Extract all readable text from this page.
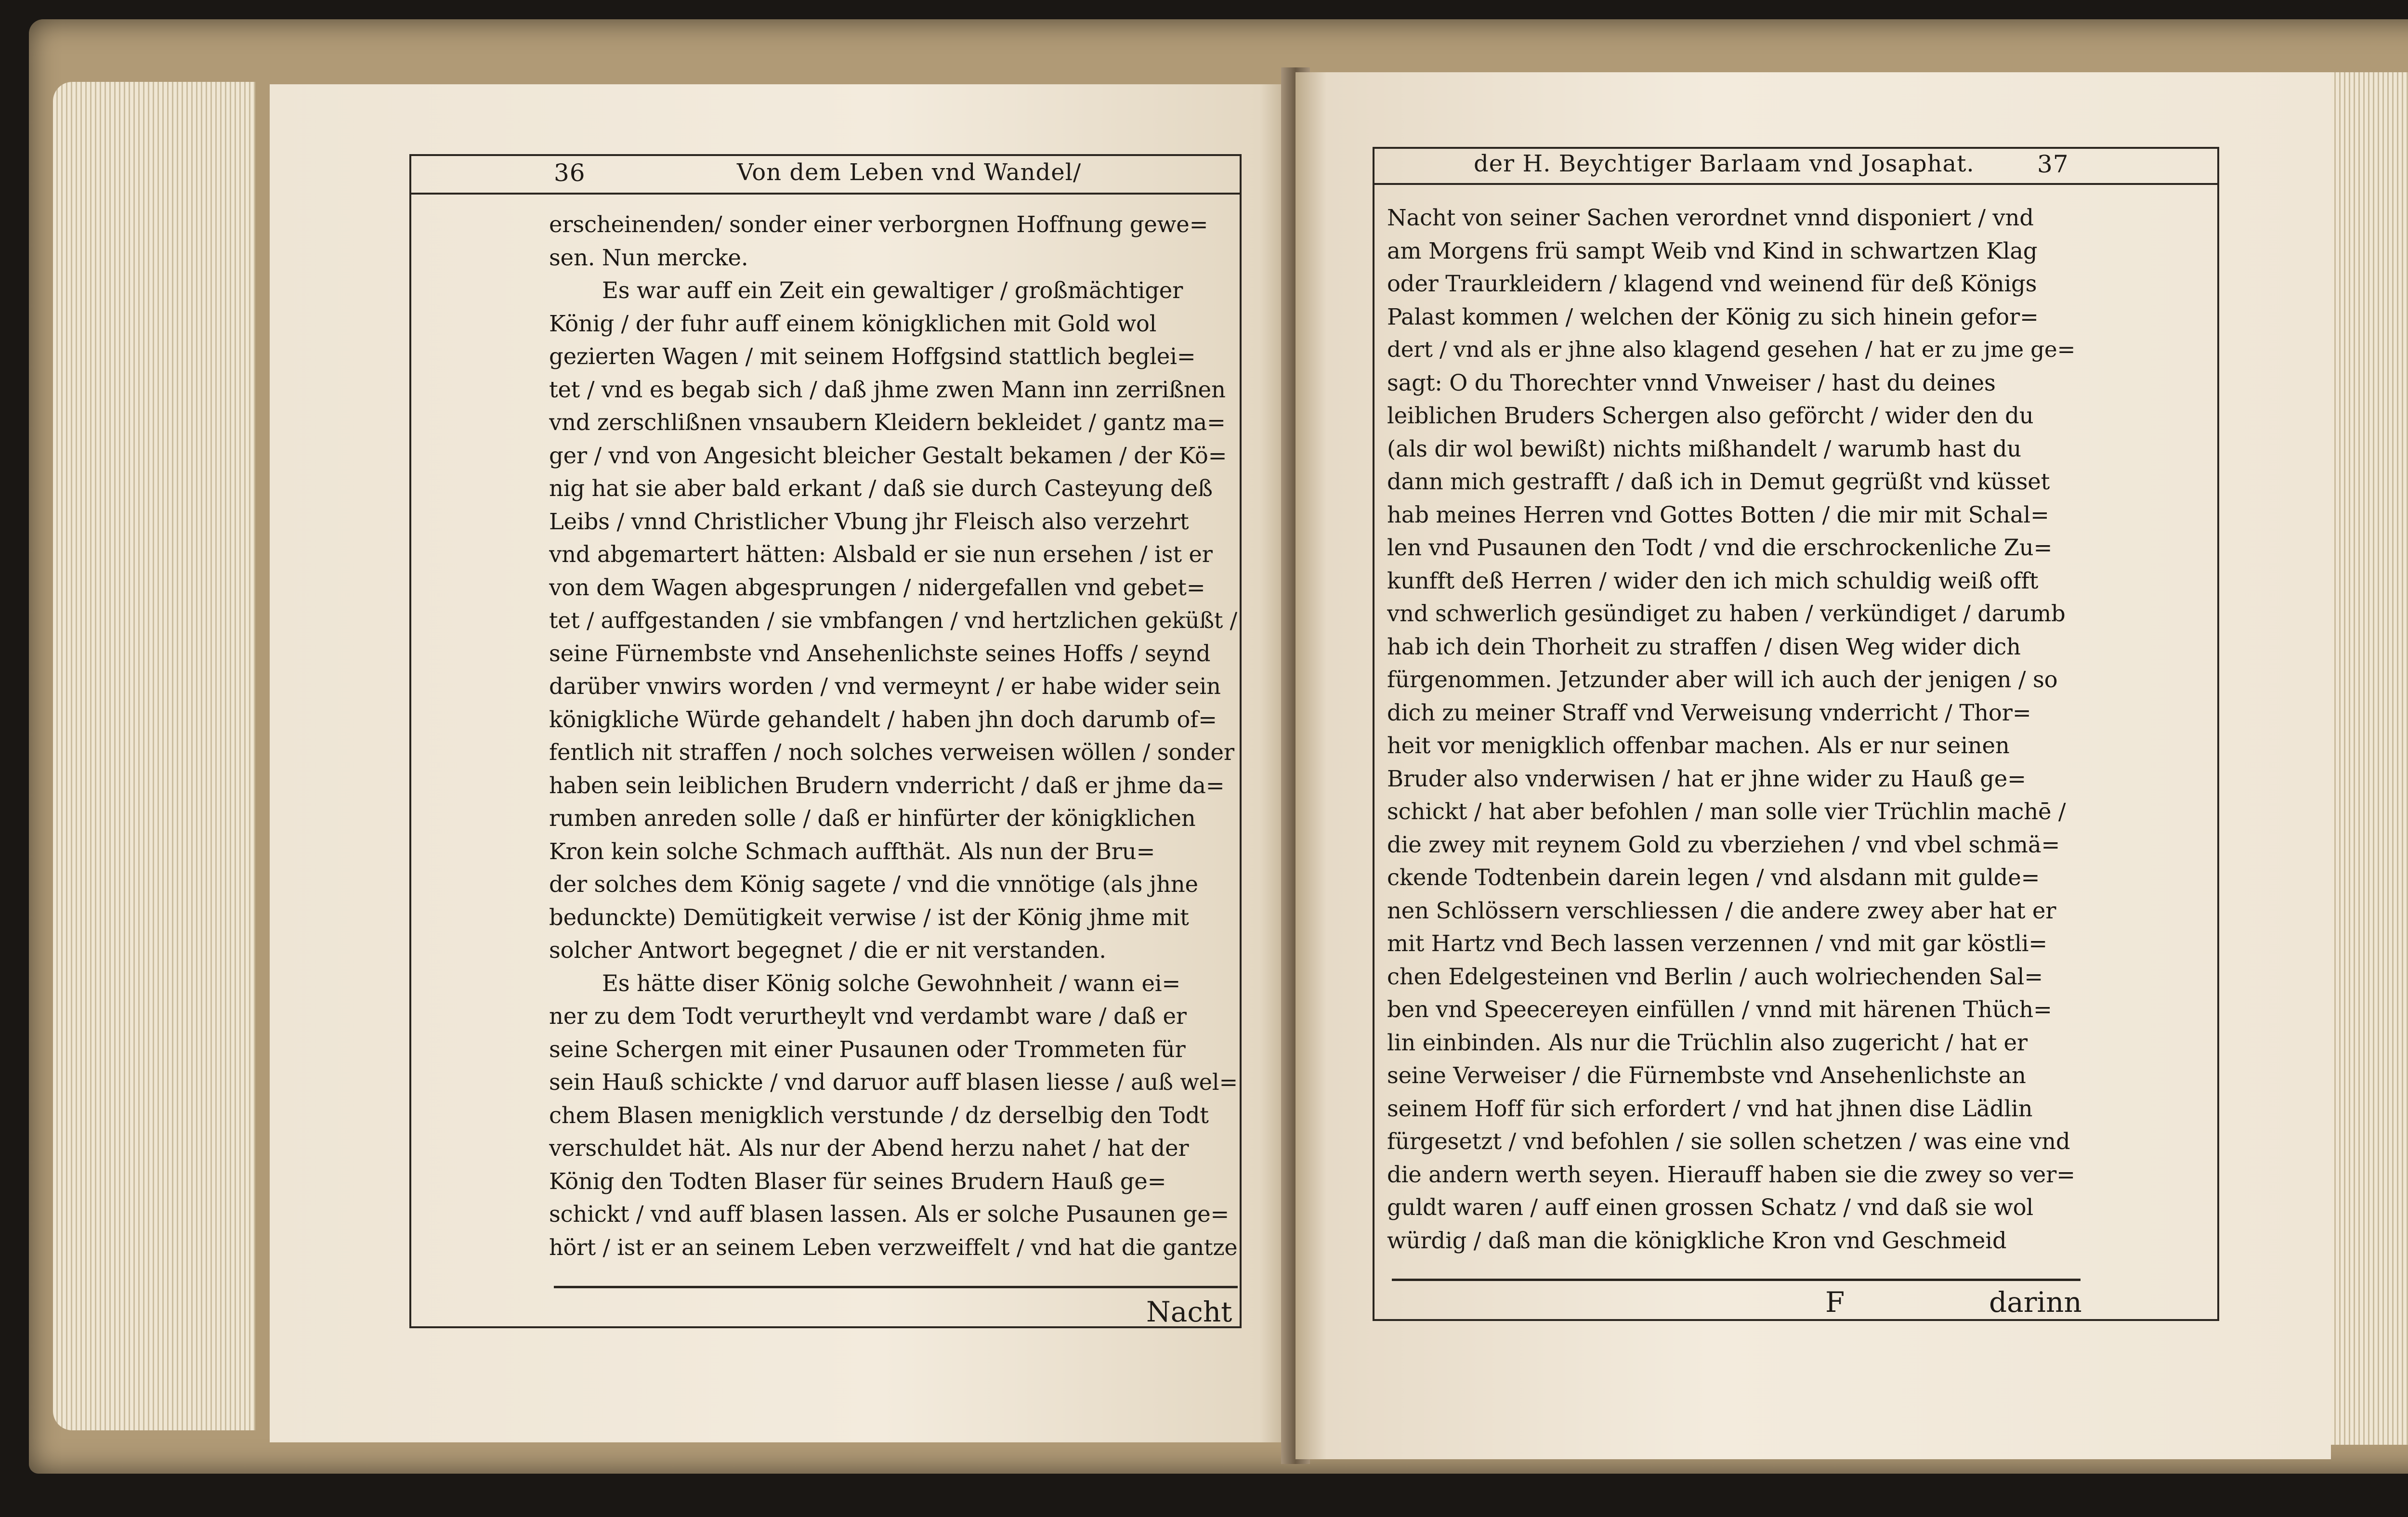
36	Von dem Leben vnd Wandel/
erscheinenden/ sonder einer verborgnen Hoffnung gewe=
sen. Nun mercke.
Es war auff ein Zeit ein gewaltiger / großmächtiger
König / der fuhr auff einem königklichen mit Gold wol
gezierten Wagen / mit seinem Hoffgsind stattlich beglei=
tet / vnd es begab sich / daß jhme zwen Mann inn zerrißnen
vnd zerschlißnen vnsaubern Kleidern bekleidet / gantz ma=
ger / vnd von Angesicht bleicher Gestalt bekamen / der Kö=
nig hat sie aber bald erkant / daß sie durch Casteyung deß
Leibs / vnnd Christlicher Vbung jhr Fleisch also verzehrt
vnd abgemartert hätten: Alsbald er sie nun ersehen / ist er
von dem Wagen abgesprungen / nidergefallen vnd gebet=
tet / auffgestanden / sie vmbfangen / vnd hertzlichen geküßt /
seine Fürnembste vnd Ansehenlichste seines Hoffs / seynd
darüber vnwirs worden / vnd vermeynt / er habe wider sein
königkliche Würde gehandelt / haben jhn doch darumb of=
fentlich nit straffen / noch solches verweisen wöllen / sonder
haben sein leiblichen Brudern vnderricht / daß er jhme da=
rumben anreden solle / daß er hinfürter der königklichen
Kron kein solche Schmach auffthät. Als nun der Bru=
der solches dem König sagete / vnd die vnnötige (als jhne
bedunckte) Demütigkeit verwise / ist der König jhme mit
solcher Antwort begegnet / die er nit verstanden.
Es hätte diser König solche Gewohnheit / wann ei=
ner zu dem Todt verurtheylt vnd verdambt ware / daß er
seine Schergen mit einer Pusaunen oder Trommeten für
sein Hauß schickte / vnd daruor auff blasen liesse / auß wel=
chem Blasen menigklich verstunde / dz derselbig den Todt
verschuldet hät. Als nur der Abend herzu nahet / hat der
König den Todten Blaser für seines Brudern Hauß ge=
schickt / vnd auff blasen lassen. Als er solche Pusaunen ge=
hört / ist er an seinem Leben verzweiffelt / vnd hat die gantze
Nacht
der H. Beychtiger Barlaam vnd Josaphat.	37
Nacht von seiner Sachen verordnet vnnd disponiert / vnd
am Morgens frü sampt Weib vnd Kind in schwartzen Klag
oder Traurkleidern / klagend vnd weinend für deß Königs
Palast kommen / welchen der König zu sich hinein gefor=
dert / vnd als er jhne also klagend gesehen / hat er zu jme ge=
sagt: O du Thorechter vnnd Vnweiser / hast du deines
leiblichen Bruders Schergen also geförcht / wider den du
(als dir wol bewißt) nichts mißhandelt / warumb hast du
dann mich gestrafft / daß ich in Demut gegrüßt vnd küsset
hab meines Herren vnd Gottes Botten / die mir mit Schal=
len vnd Pusaunen den Todt / vnd die erschrockenliche Zu=
kunfft deß Herren / wider den ich mich schuldig weiß offt
vnd schwerlich gesündiget zu haben / verkündiget / darumb
hab ich dein Thorheit zu straffen / disen Weg wider dich
fürgenommen. Jetzunder aber will ich auch der jenigen / so
dich zu meiner Straff vnd Verweisung vnderricht / Thor=
heit vor menigklich offenbar machen. Als er nur seinen
Bruder also vnderwisen / hat er jhne wider zu Hauß ge=
schickt / hat aber befohlen / man solle vier Trüchlin machē /
die zwey mit reynem Gold zu vberziehen / vnd vbel schmä=
ckende Todtenbein darein legen / vnd alsdann mit gulde=
nen Schlössern verschliessen / die andere zwey aber hat er
mit Hartz vnd Bech lassen verzennen / vnd mit gar köstli=
chen Edelgesteinen vnd Berlin / auch wolriechenden Sal=
ben vnd Speecereyen einfüllen / vnnd mit härenen Thüch=
lin einbinden. Als nur die Trüchlin also zugericht / hat er
seine Verweiser / die Fürnembste vnd Ansehenlichste an
seinem Hoff für sich erfordert / vnd hat jhnen dise Lädlin
fürgesetzt / vnd befohlen / sie sollen schetzen / was eine vnd
die andern werth seyen. Hierauff haben sie die zwey so ver=
guldt waren / auff einen grossen Schatz / vnd daß sie wol
würdig / daß man die königkliche Kron vnd Geschmeid
F	darinn
